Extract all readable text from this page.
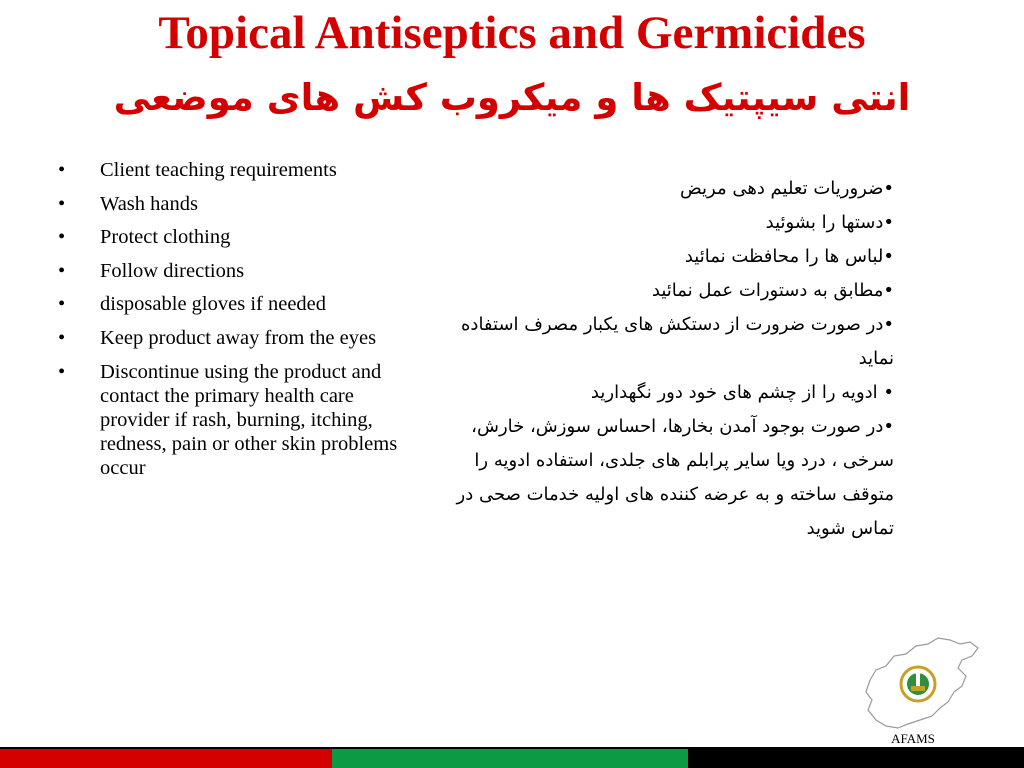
Topical Antiseptics and Germicides
انتی سیپتیک ها و میکروب کش های موضعی
• Client teaching requirements
• Wash hands
• Protect clothing
• Follow directions
• disposable gloves if needed
• Keep product away from the eyes
• Discontinue using the product and contact the primary health care provider if rash, burning, itching, redness, pain or other skin problems occur
•ضروریات تعلیم دهی مریض
•دستها را بشوئید
•لباس ها را محافظت نمائید
•مطابق به دستورات عمل نمائید
•در صورت ضرورت از دستکش های یکبار مصرف استفاده نماید
• ادویه را از چشم های خود دور نگهدارید
•در صورت بوجود آمدن بخارها، احساس سوزش، خارش، سرخی ، درد ویا سایر پرابلم های جلدی، استفاده ادویه را متوقف ساخته و به عرضه کننده های اولیه خدمات صحی در تماس شوید
AFAMS
